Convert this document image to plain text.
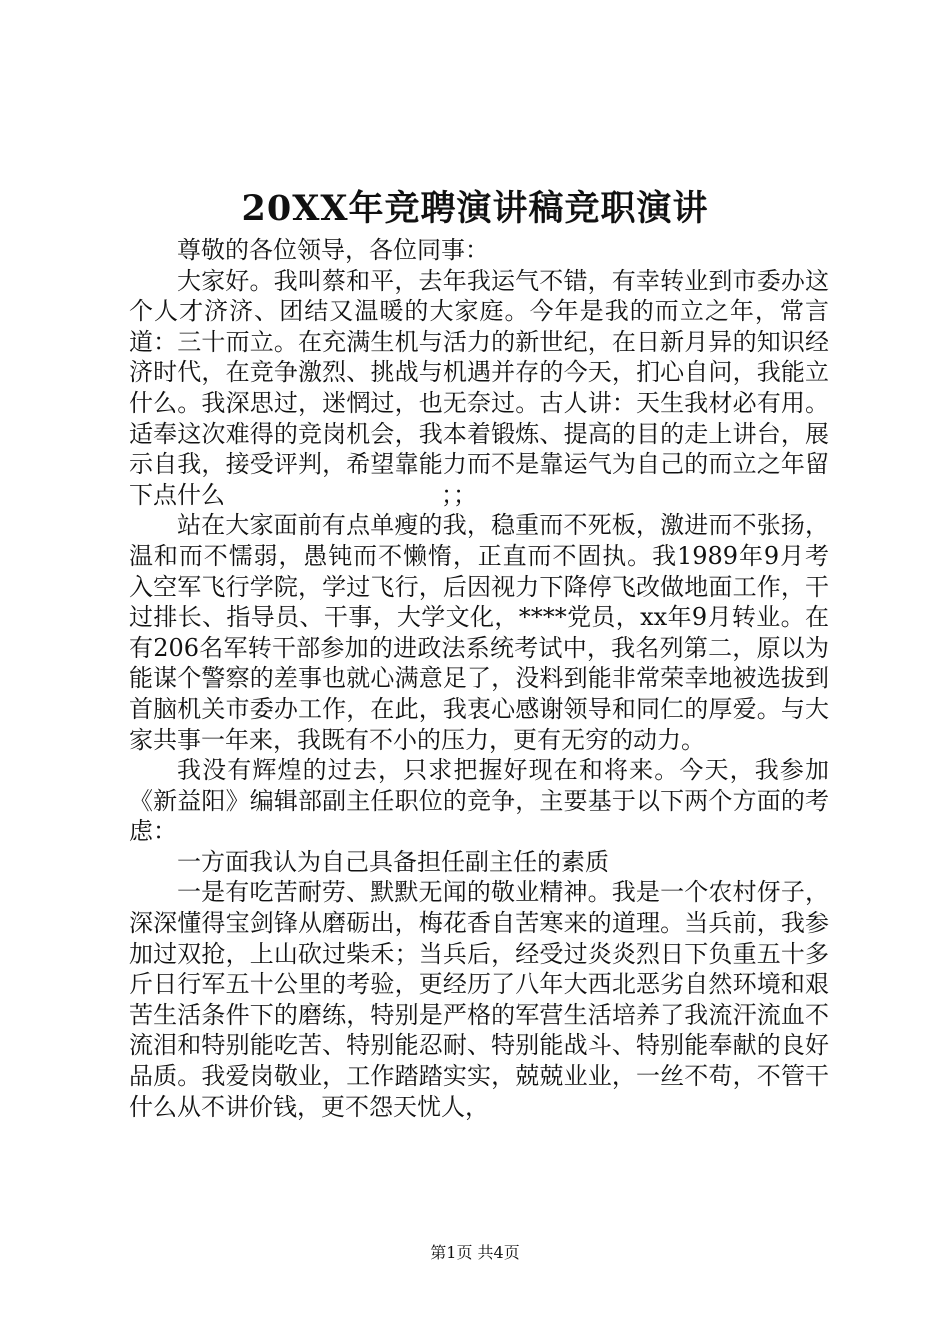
20XX年竞聘演讲稿竞职演讲

尊敬的各位领导，各位同事：

大家好。我叫蔡和平，去年我运气不错，有幸转业到市委办这个人才济济、团结又温暖的大家庭。今年是我的而立之年，常言道：三十而立。在充满生机与活力的新世纪，在日新月异的知识经济时代，在竞争激烈、挑战与机遇并存的今天，扪心自问，我能立什么。我深思过，迷惘过，也无奈过。古人讲：天生我材必有用。适奉这次难得的竞岗机会，我本着锻炼、提高的目的走上讲台，展示自我，接受评判，希望靠能力而不是靠运气为自己的而立之年留下点什么　　　　　　　　　；；

站在大家面前有点单瘦的我，稳重而不死板，激进而不张扬，温和而不懦弱，愚钝而不懒惰，正直而不固执。我1989年9月考入空军飞行学院，学过飞行，后因视力下降停飞改做地面工作，干过排长、指导员、干事，大学文化，****党员，xx年9月转业。在有206名军转干部参加的进政法系统考试中，我名列第二，原以为能谋个警察的差事也就心满意足了，没料到能非常荣幸地被选拔到首脑机关市委办工作，在此，我衷心感谢领导和同仁的厚爱。与大家共事一年来，我既有不小的压力，更有无穷的动力。

我没有辉煌的过去，只求把握好现在和将来。今天，我参加《新益阳》编辑部副主任职位的竞争，主要基于以下两个方面的考虑：

一方面我认为自己具备担任副主任的素质

一是有吃苦耐劳、默默无闻的敬业精神。我是一个农村伢子，深深懂得宝剑锋从磨砺出，梅花香自苦寒来的道理。当兵前，我参加过双抢，上山砍过柴禾；当兵后，经受过炎炎烈日下负重五十多斤日行军五十公里的考验，更经历了八年大西北恶劣自然环境和艰苦生活条件下的磨练，特别是严格的军营生活培养了我流汗流血不流泪和特别能吃苦、特别能忍耐、特别能战斗、特别能奉献的良好品质。我爱岗敬业，工作踏踏实实，兢兢业业，一丝不苟，不管干什么从不讲价钱，更不怨天忧人，

第1页 共4页
